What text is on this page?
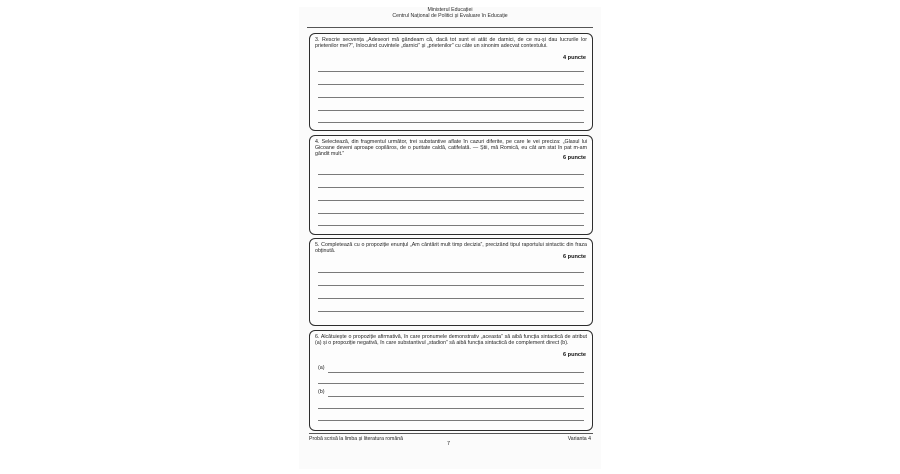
Ministerul Educației
Centrul Național de Politici și Evaluare în Educație
3. Rescrie secvența „Adeseori mă gândeam că, dacă tot sunt ei atât de darnici, de ce nu-și dau lucrurile lor prietenilor mei?”, înlocuind cuvintele „darnici” și „prietenilor” cu câte un sinonim adecvat contextului.
4 puncte
4. Selectează, din fragmentul următor, trei substantive aflate în cazuri diferite, pe care le vei preciza: „Glasul lui Gicoane deveni aproape copilăros, de o puritate caldă, catifelată. — Știi, mă Romică, eu cât am stat în pat m-am gândit mult.”
6 puncte
5. Completează cu o propoziție enunțul „Am cântărit mult timp decizia”, precizând tipul raportului sintactic din fraza obținută.
6 puncte
6. Alcătuiește o propoziție afirmativă, în care pronumele demonstrativ „aceasta” să aibă funcția sintactică de atribut (a) și o propoziție negativă, în care substantivul „stadion” să aibă funcția sintactică de complement direct (b).
6 puncte
(a)
(b)
Probă scrisă la limba și literatura română	Varianta 4
7
